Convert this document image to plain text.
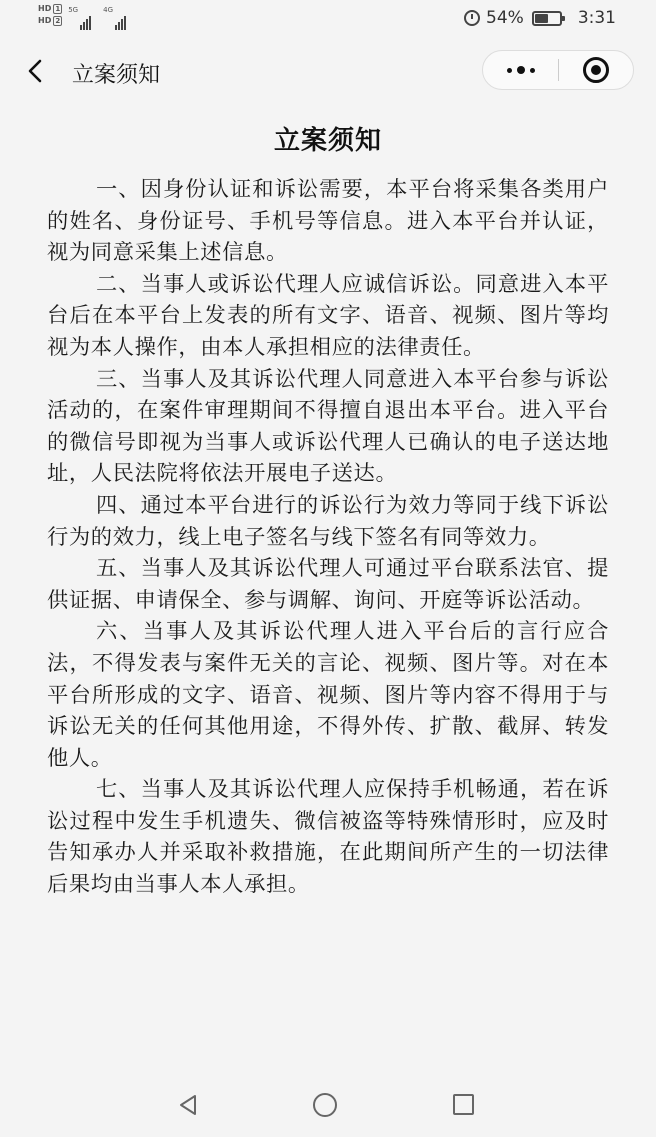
HD 1
HD 2
5G	4G	54%	3:31
立案须知
立案须知

一、因身份认证和诉讼需要，本平台将采集各类用户的姓名、身份证号、手机号等信息。进入本平台并认证，视为同意采集上述信息。

二、当事人或诉讼代理人应诚信诉讼。同意进入本平台后在本平台上发表的所有文字、语音、视频、图片等均视为本人操作，由本人承担相应的法律责任。

三、当事人及其诉讼代理人同意进入本平台参与诉讼活动的，在案件审理期间不得擅自退出本平台。进入平台的微信号即视为当事人或诉讼代理人已确认的电子送达地址，人民法院将依法开展电子送达。

四、通过本平台进行的诉讼行为效力等同于线下诉讼行为的效力，线上电子签名与线下签名有同等效力。

五、当事人及其诉讼代理人可通过平台联系法官、提供证据、申请保全、参与调解、询问、开庭等诉讼活动。

六、当事人及其诉讼代理人进入平台后的言行应合法，不得发表与案件无关的言论、视频、图片等。对在本平台所形成的文字、语音、视频、图片等内容不得用于与诉讼无关的任何其他用途，不得外传、扩散、截屏、转发他人。

七、当事人及其诉讼代理人应保持手机畅通，若在诉讼过程中发生手机遗失、微信被盗等特殊情形时，应及时告知承办人并采取补救措施，在此期间所产生的一切法律后果均由当事人本人承担。
